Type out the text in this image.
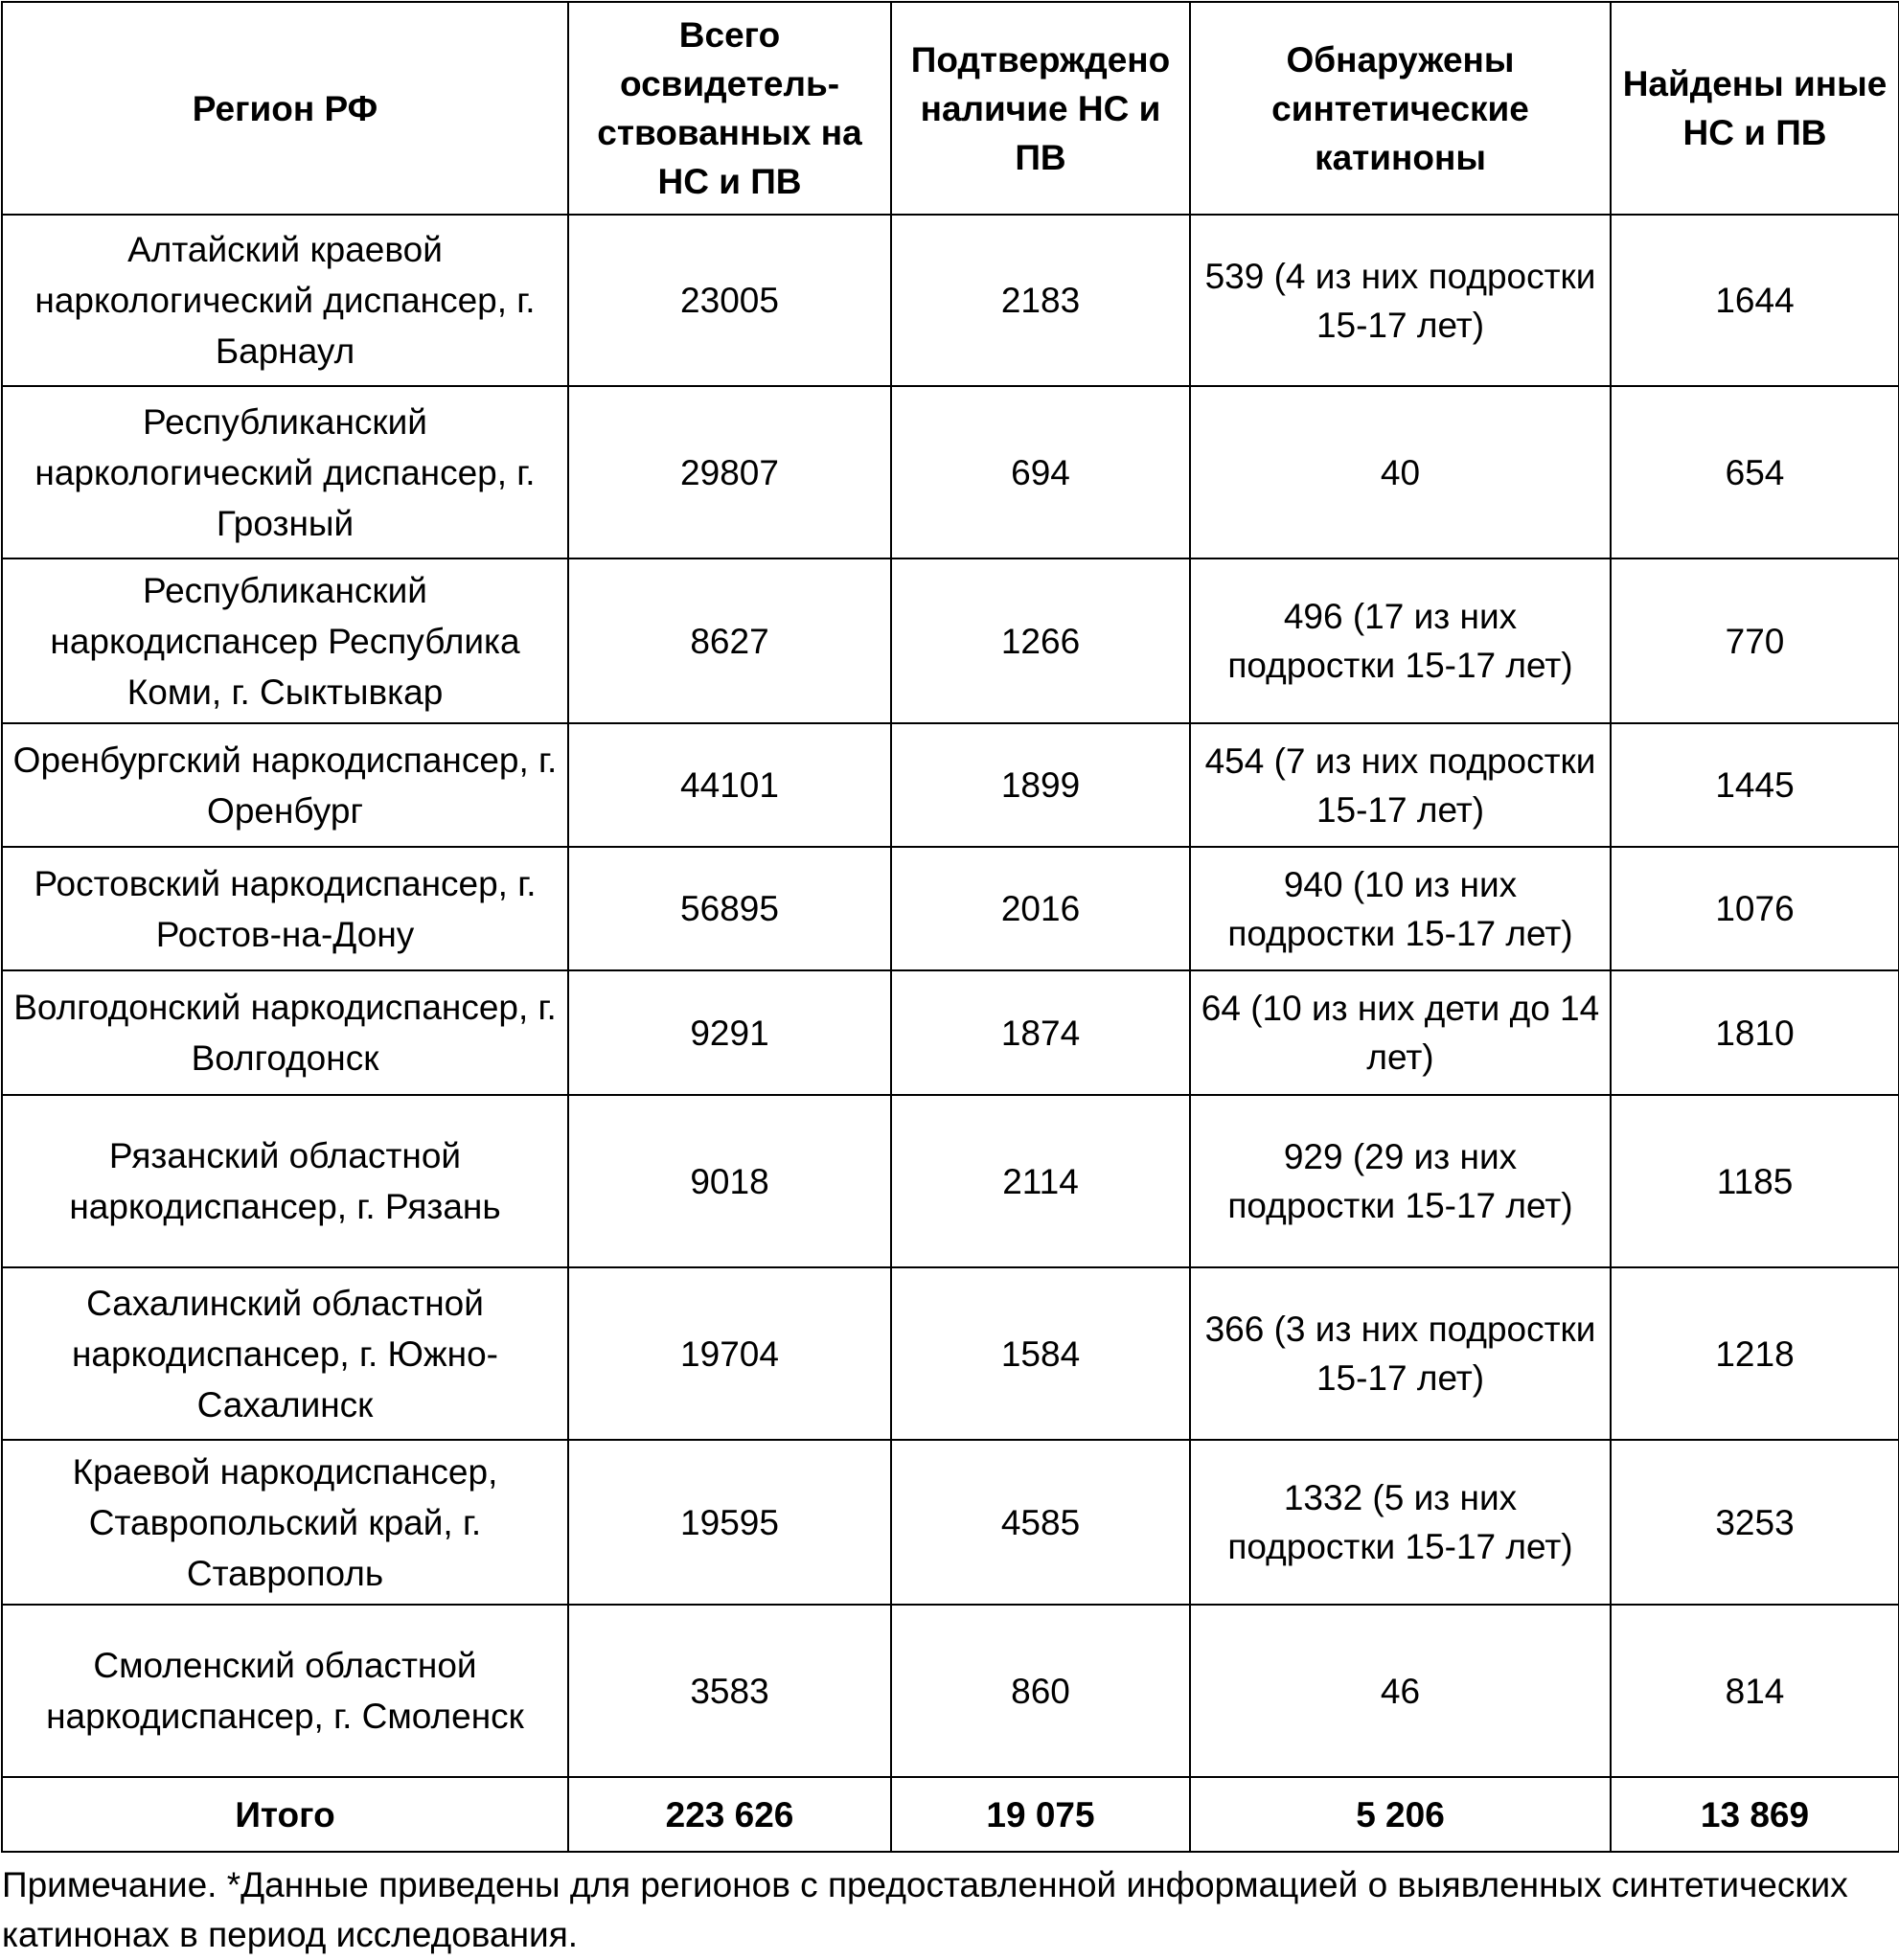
Регион РФ	Всего освидетель-ствованных на НС и ПВ	Подтверждено наличие НС и ПВ	Обнаружены синтетические катиноны	Найдены иные НС и ПВ
Алтайский краевой наркологический диспансер, г. Барнаул	23005	2183	539 (4 из них подростки 15-17 лет)	1644
Республиканский наркологический диспансер, г. Грозный	29807	694	40	654
Республиканский наркодиспансер Республика Коми, г. Сыктывкар	8627	1266	496 (17 из них подростки 15-17 лет)	770
Оренбургский наркодиспансер, г. Оренбург	44101	1899	454 (7 из них подростки 15-17 лет)	1445
Ростовский наркодиспансер, г. Ростов-на-Дону	56895	2016	940 (10 из них подростки 15-17 лет)	1076
Волгодонский наркодиспансер, г. Волгодонск	9291	1874	64 (10 из них дети до 14 лет)	1810
Рязанский областной наркодиспансер, г. Рязань	9018	2114	929 (29 из них подростки 15-17 лет)	1185
Сахалинский областной наркодиспансер, г. Южно-Сахалинск	19704	1584	366 (3 из них подростки 15-17 лет)	1218
Краевой наркодиспансер, Ставропольский край, г. Ставрополь	19595	4585	1332 (5 из них подростки 15-17 лет)	3253
Смоленский областной наркодиспансер, г. Смоленск	3583	860	46	814
Итого	223 626	19 075	5 206	13 869
Примечание. *Данные приведены для регионов с предоставленной информацией о выявленных синтетических катинонах в период исследования.
